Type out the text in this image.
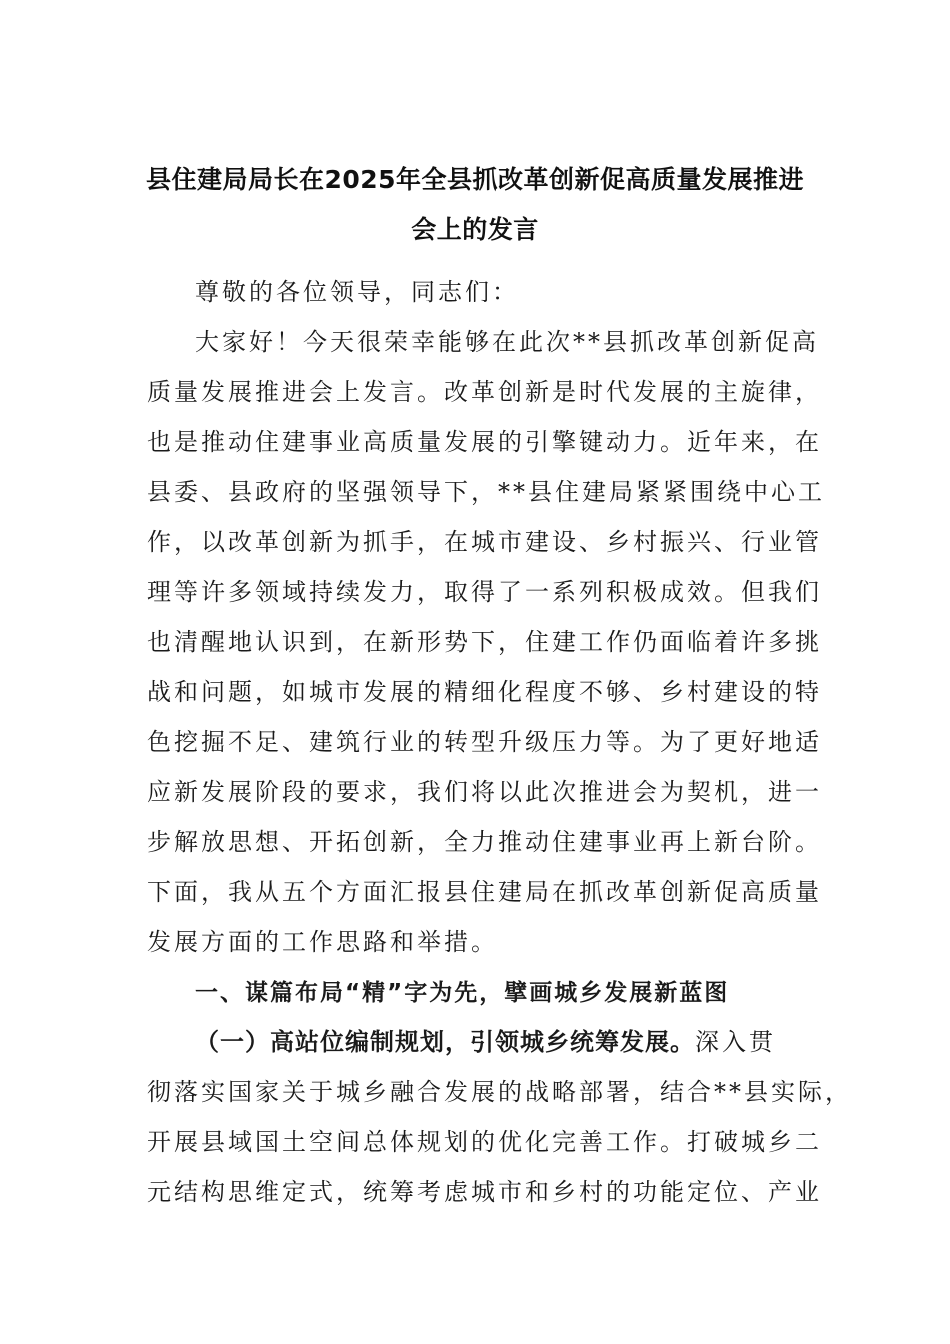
县住建局局长在2025年全县抓改革创新促高质量发展推进
会上的发言
尊敬的各位领导，同志们：
大家好！今天很荣幸能够在此次**县抓改革创新促高
质量发展推进会上发言。改革创新是时代发展的主旋律，
也是推动住建事业高质量发展的引擎键动力。近年来，在
县委、县政府的坚强领导下，**县住建局紧紧围绕中心工
作，以改革创新为抓手，在城市建设、乡村振兴、行业管
理等许多领域持续发力，取得了一系列积极成效。但我们
也清醒地认识到，在新形势下，住建工作仍面临着许多挑
战和问题，如城市发展的精细化程度不够、乡村建设的特
色挖掘不足、建筑行业的转型升级压力等。为了更好地适
应新发展阶段的要求，我们将以此次推进会为契机，进一
步解放思想、开拓创新，全力推动住建事业再上新台阶。
下面，我从五个方面汇报县住建局在抓改革创新促高质量
发展方面的工作思路和举措。
一、谋篇布局“精”字为先，擘画城乡发展新蓝图
（一）高站位编制规划，引领城乡统筹发展。深入贯
彻落实国家关于城乡融合发展的战略部署，结合**县实际，
开展县域国土空间总体规划的优化完善工作。打破城乡二
元结构思维定式，统筹考虑城市和乡村的功能定位、产业
